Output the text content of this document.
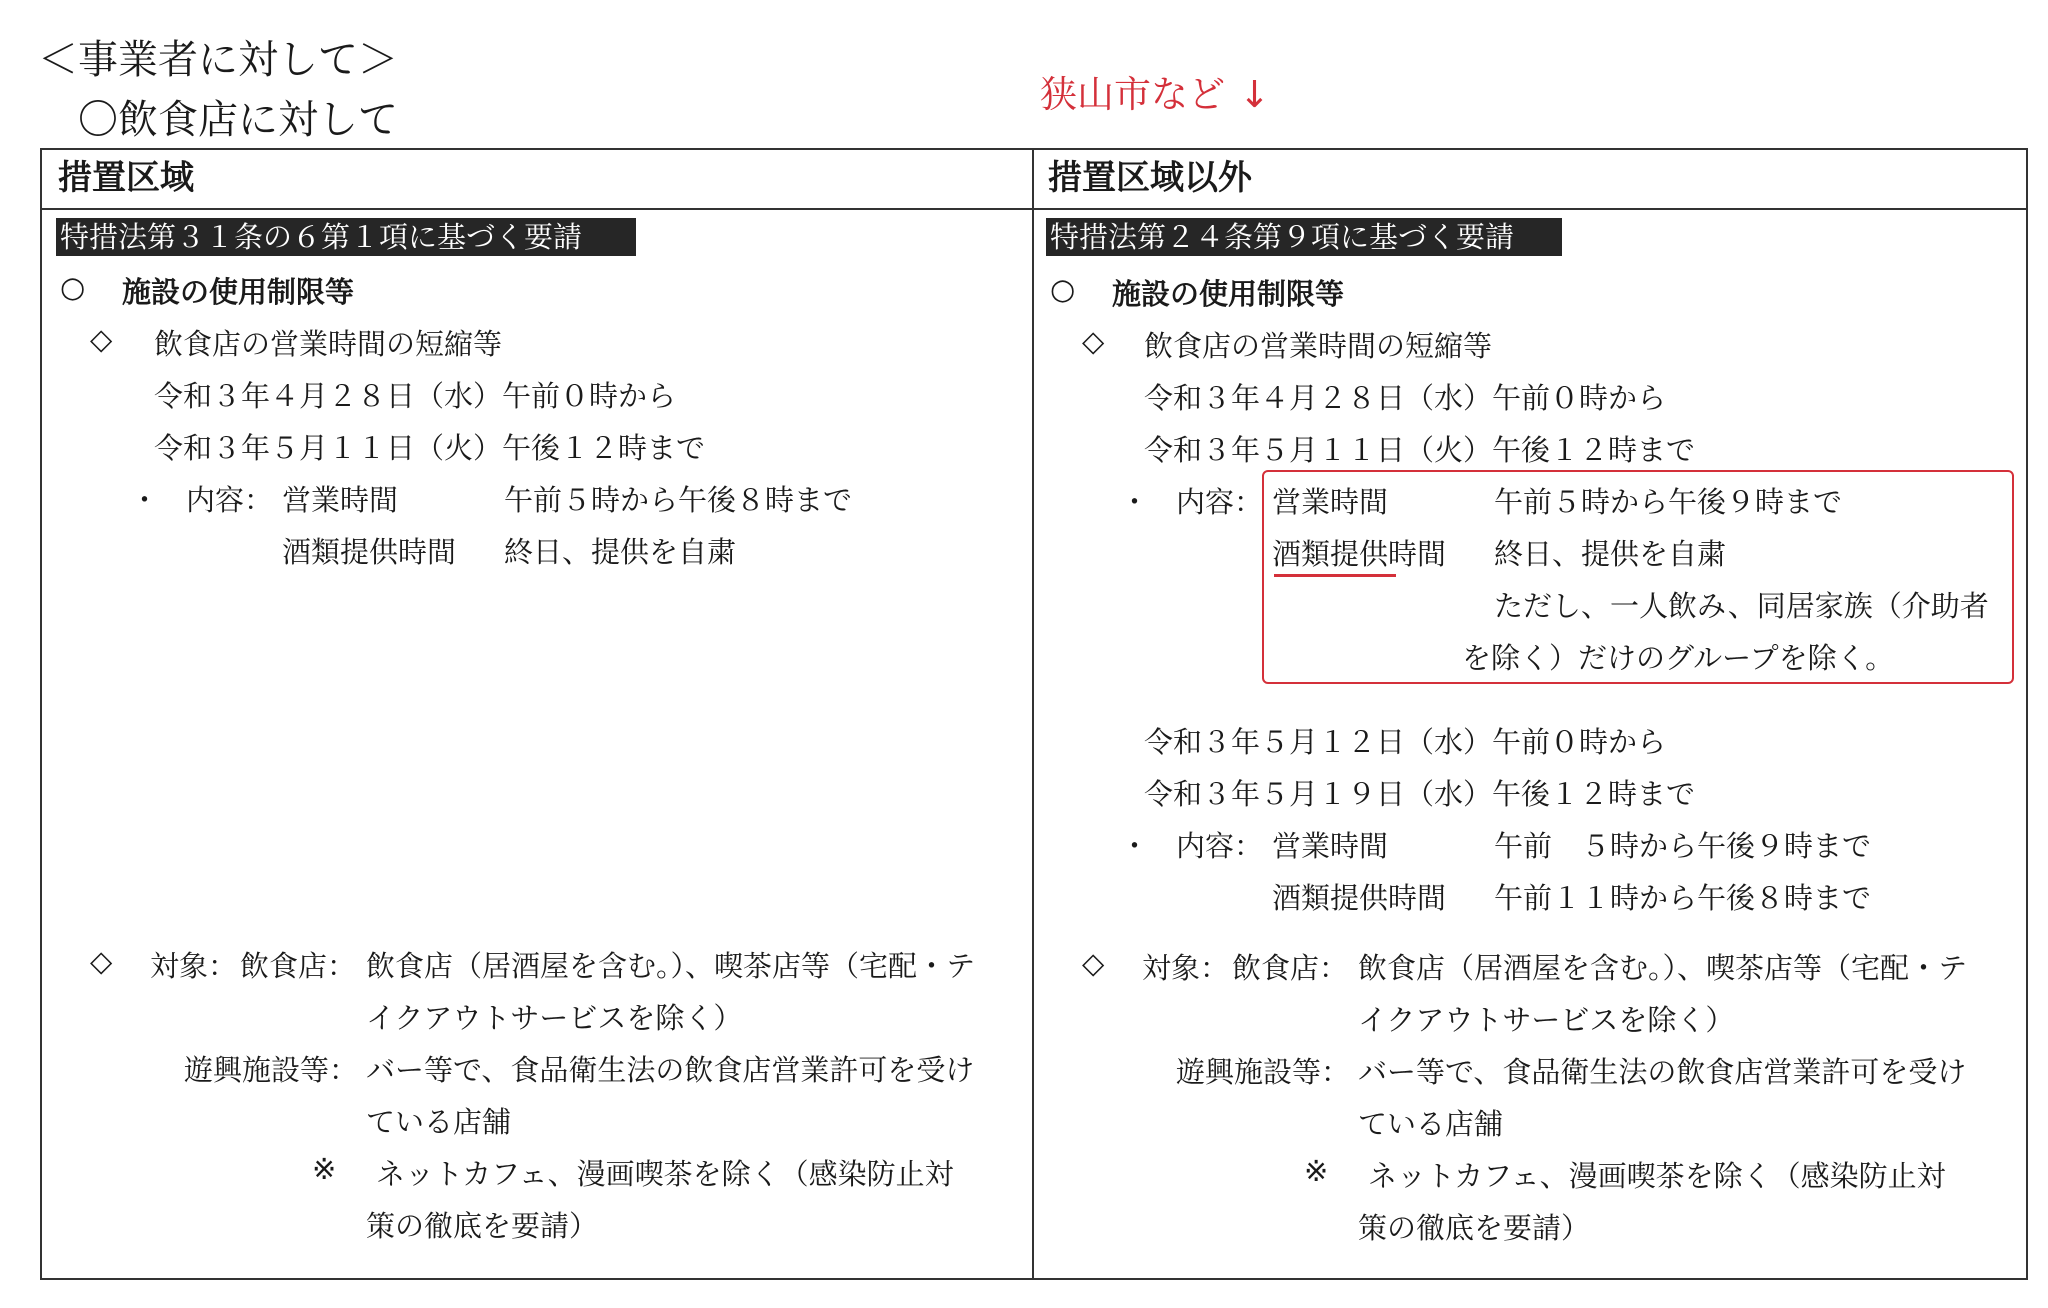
＜事業者に対して＞
〇飲食店に対して
狭山市など ↓
措置区域
特措法第３１条の６第１項に基づく要請
○ 施設の使用制限等
◇ 飲食店の営業時間の短縮等
令和３年４月２８日（水）午前０時から
令和３年５月１１日（火）午後１２時まで
・ 内容： 営業時間	午前５時から午後８時まで
酒類提供時間 終日、提供を自粛
◇ 対象： 飲食店： 飲食店（居酒屋を含む。）、喫茶店等（宅配・テ
イクアウトサービスを除く）
遊興施設等： バー等で、食品衛生法の飲食店営業許可を受け
ている店舗
※ ネットカフェ、漫画喫茶を除く（感染防止対
策の徹底を要請）
措置区域以外
特措法第２４条第９項に基づく要請
○ 施設の使用制限等
◇ 飲食店の営業時間の短縮等
令和３年４月２８日（水）午前０時から
令和３年５月１１日（火）午後１２時まで
・ 内容： 営業時間	午前５時から午後９時まで
酒類提供時間 終日、提供を自粛
ただし、一人飲み、同居家族（介助者
を除く）だけのグループを除く。
令和３年５月１２日（水）午前０時から
令和３年５月１９日（水）午後１２時まで
・ 内容： 営業時間	午前　５時から午後９時まで
酒類提供時間 午前１１時から午後８時まで
◇ 対象： 飲食店： 飲食店（居酒屋を含む。）、喫茶店等（宅配・テ
イクアウトサービスを除く）
遊興施設等： バー等で、食品衛生法の飲食店営業許可を受け
ている店舗
※ ネットカフェ、漫画喫茶を除く（感染防止対
策の徹底を要請）
